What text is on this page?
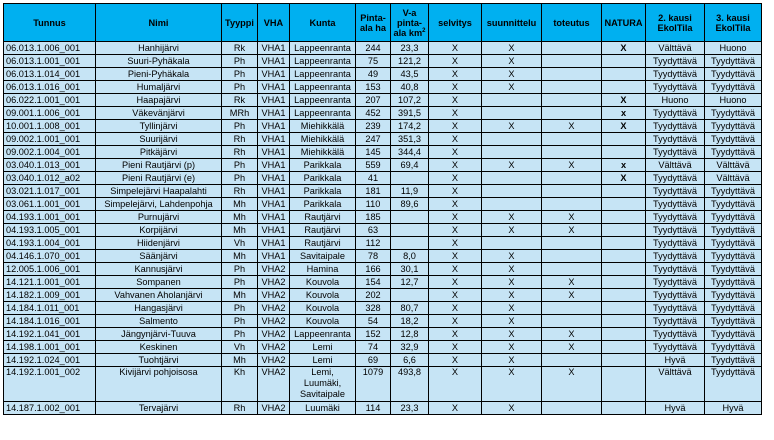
Tunnus	Nimi	Tyyppi	VHA	Kunta	Pinta-ala ha	V-a pinta-ala $km^2$	selvitys	suunnittelu	toteutus	NATURA	2. kausi EkolTila	3. kausi EkolTila
06.013.1.006_001	Hanhijärvi	Rk	VHA1	Lappeenranta	244	23,3	X	X		X	Välttävä	Huono
06.013.1.001_001	Suuri-Pyhäkala	Ph	VHA1	Lappeenranta	75	121,2	X	X			Tyydyttävä	Tyydyttävä
06.013.1.014_001	Pieni-Pyhäkala	Ph	VHA1	Lappeenranta	49	43,5	X	X			Tyydyttävä	Tyydyttävä
06.013.1.016_001	Humaljärvi	Ph	VHA1	Lappeenranta	153	40,8	X	X			Tyydyttävä	Tyydyttävä
06.022.1.001_001	Haapajärvi	Rk	VHA1	Lappeenranta	207	107,2	X			X	Huono	Huono
09.001.1.006_001	Väkevänjärvi	MRh	VHA1	Lappeenranta	452	391,5	X			x	Tyydyttävä	Tyydyttävä
10.001.1.008_001	Tyllinjärvi	Ph	VHA1	Miehikkälä	239	174,2	X	X	X	X	Tyydyttävä	Tyydyttävä
09.002.1.001_001	Suurijärvi	Rh	VHA1	Miehikkälä	247	351,3	X				Tyydyttävä	Tyydyttävä
09.002.1.004_001	Pitkäjärvi	Rh	VHA1	Miehikkälä	145	344,4	X				Tyydyttävä	Tyydyttävä
03.040.1.013_001	Pieni Rautjärvi (p)	Ph	VHA1	Parikkala	559	69,4	X	X	X	x	Välttävä	Välttävä
03.040.1.012_a02	Pieni Rautjärvi (e)	Ph	VHA1	Parikkala	41		X			X	Tyydyttävä	Välttävä
03.021.1.017_001	Simpelejärvi Haapalahti	Rh	VHA1	Parikkala	181	11,9	X				Tyydyttävä	Tyydyttävä
03.061.1.001_001	Simpelejärvi, Lahdenpohja	Mh	VHA1	Parikkala	110	89,6	X				Tyydyttävä	Tyydyttävä
04.193.1.001_001	Purnujärvi	Mh	VHA1	Rautjärvi	185		X	X	X		Tyydyttävä	Tyydyttävä
04.193.1.005_001	Korpijärvi	Mh	VHA1	Rautjärvi	63		X	X	X		Tyydyttävä	Tyydyttävä
04.193.1.004_001	Hiidenjärvi	Vh	VHA1	Rautjärvi	112		X				Tyydyttävä	Tyydyttävä
04.146.1.070_001	Säänjärvi	Mh	VHA1	Savitaipale	78	8,0	X	X			Tyydyttävä	Tyydyttävä
12.005.1.006_001	Kannusjärvi	Ph	VHA2	Hamina	166	30,1	X	X			Tyydyttävä	Tyydyttävä
14.121.1.001_001	Sompanen	Ph	VHA2	Kouvola	154	12,7	X	X	X		Tyydyttävä	Tyydyttävä
14.182.1.009_001	Vahvanen Aholanjärvi	Mh	VHA2	Kouvola	202		X	X	X		Tyydyttävä	Tyydyttävä
14.184.1.011_001	Hangasjärvi	Ph	VHA2	Kouvola	328	80,7	X	X			Tyydyttävä	Tyydyttävä
14.184.1.016_001	Salmento	Ph	VHA2	Kouvola	54	18,2	X	X			Tyydyttävä	Tyydyttävä
14.192.1.041_001	Jängynjärvi-Tuuva	Ph	VHA2	Lappeenranta	152	12,8	X	X	X		Tyydyttävä	Tyydyttävä
14.198.1.001_001	Keskinen	Vh	VHA2	Lemi	74	32,9	X	X	X		Tyydyttävä	Tyydyttävä
14.192.1.024_001	Tuohtjärvi	Mh	VHA2	Lemi	69	6,6	X	X			Hyvä	Tyydyttävä
14.192.1.001_002	Kivijärvi pohjoisosa	Kh	VHA2	Lemi, Luumäki, Savitaipale	1079	493,8	X	X	X		Välttävä	Tyydyttävä
14.187.1.002_001	Tervajärvi	Rh	VHA2	Luumäki	114	23,3	X	X			Hyvä	Hyvä
